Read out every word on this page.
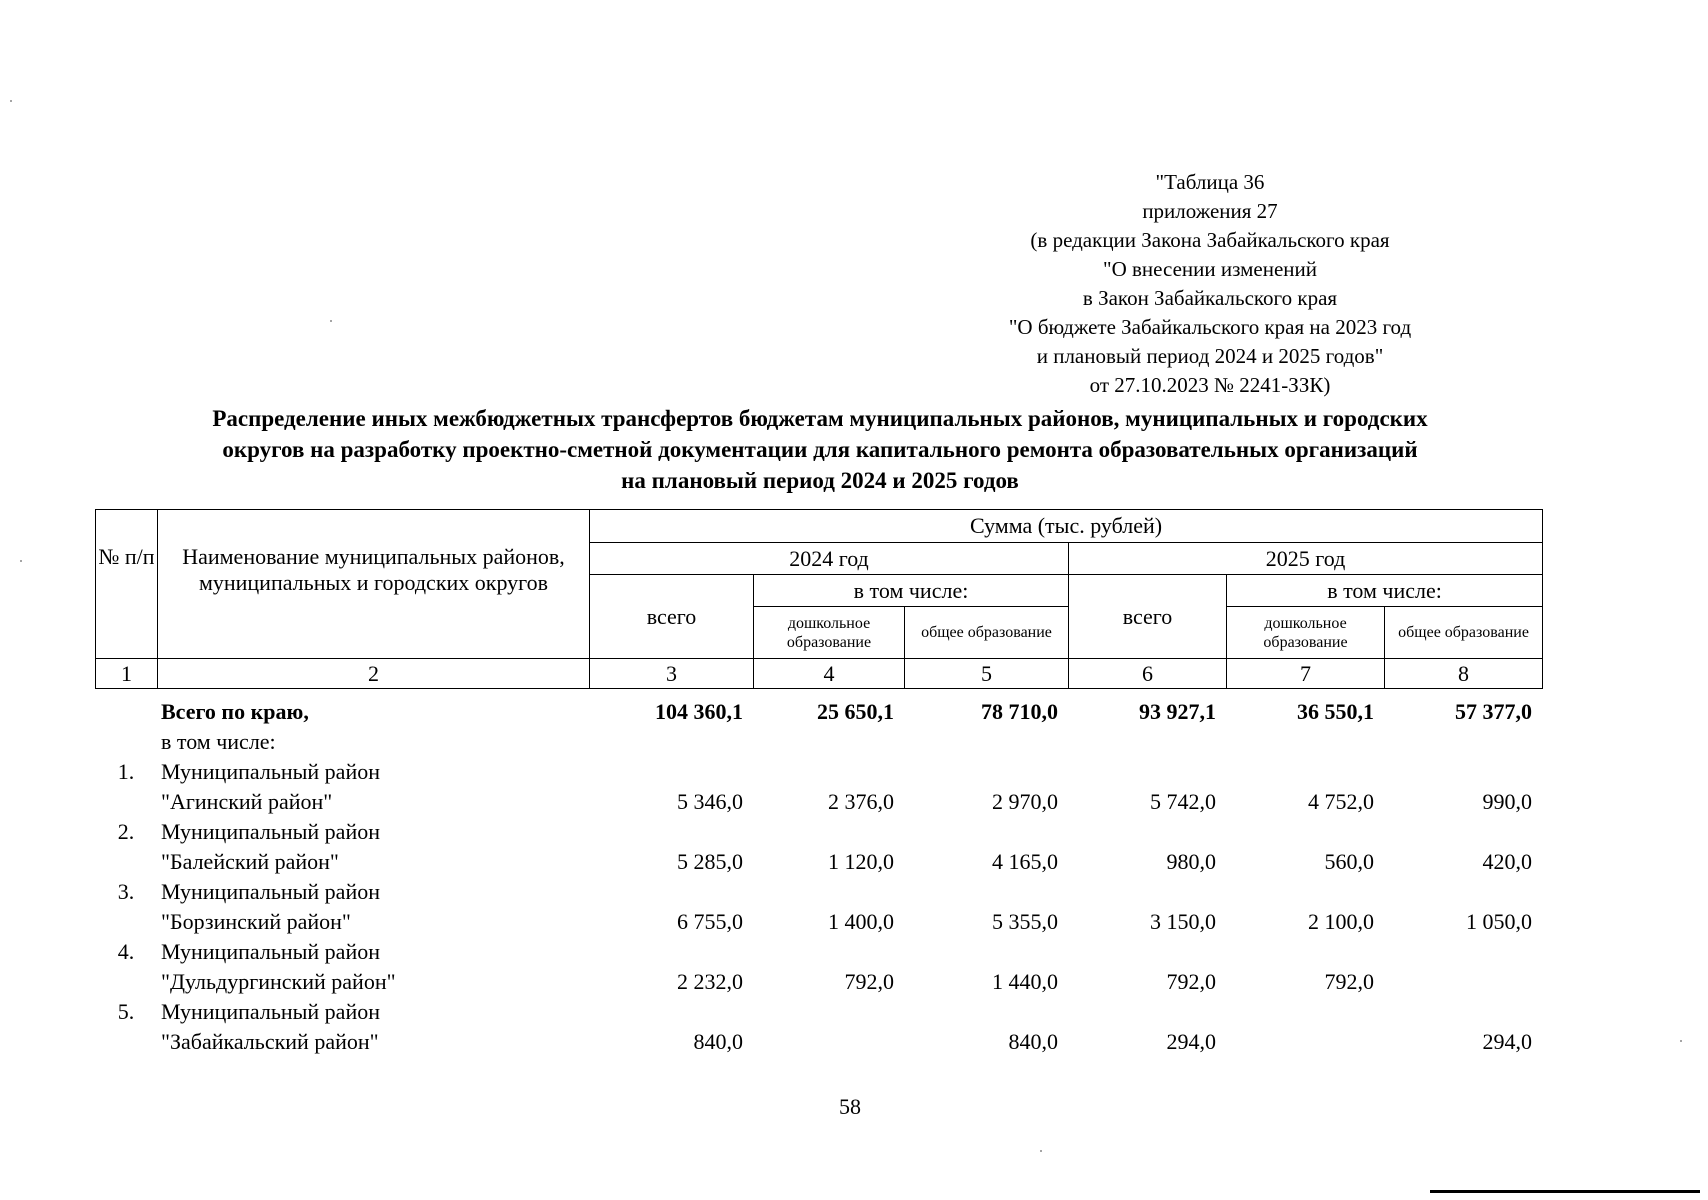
"Таблица 36
приложения 27
(в редакции Закона Забайкальского края
"О внесении изменений
в Закон Забайкальского края
"О бюджете Забайкальского края на 2023 год
и плановый период 2024 и 2025 годов"
от 27.10.2023 № 2241-ЗЗК)
Распределение иных межбюджетных трансфертов бюджетам муниципальных районов, муниципальных и городских
округов на разработку проектно-сметной документации для капитального ремонта образовательных организаций
на плановый период 2024 и 2025 годов
№ п/п	Наименование муниципальных районов, муниципальных и городских округов	Сумма (тыс. рублей)					
		2024 год			2025 год		
		всего	в том числе:		всего	в том числе:	
			дошкольное образование	общее образование		дошкольное образование	общее образование
1	2	3	4	5	6	7	8
	Всего по краю,	104 360,1	25 650,1	78 710,0	93 927,1	36 550,1	57 377,0
	в том числе:						
1.	Муниципальный район						
	"Агинский район"	5 346,0	2 376,0	2 970,0	5 742,0	4 752,0	990,0
2.	Муниципальный район						
	"Балейский район"	5 285,0	1 120,0	4 165,0	980,0	560,0	420,0
3.	Муниципальный район						
	"Борзинский район"	6 755,0	1 400,0	5 355,0	3 150,0	2 100,0	1 050,0
4.	Муниципальный район						
	"Дульдургинский район"	2 232,0	792,0	1 440,0	792,0	792,0	
5.	Муниципальный район						
	"Забайкальский район"	840,0		840,0	294,0		294,0
58
